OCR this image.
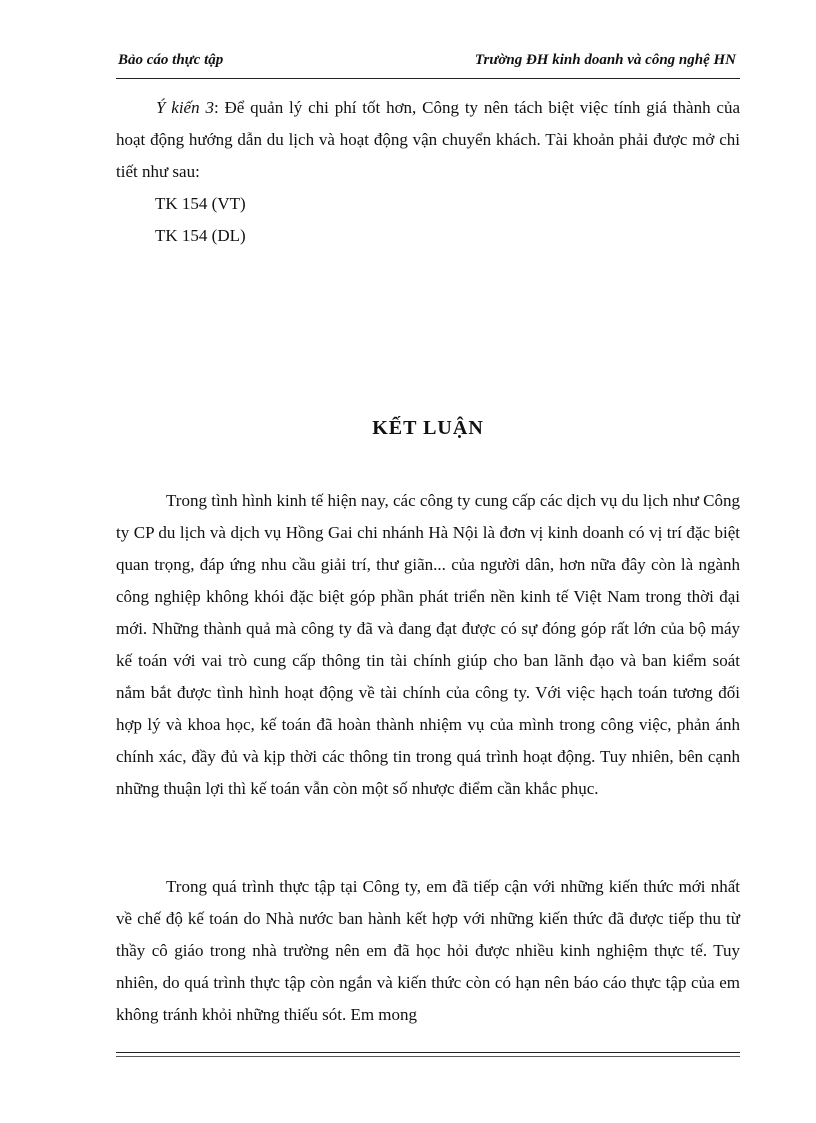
Bảo cáo thực tập	Trường ĐH kinh doanh và công nghệ HN

Ý kiến 3: Để quản lý chi phí tốt hơn, Công ty nên tách biệt việc tính giá thành của hoạt động hướng dẫn du lịch và hoạt động vận chuyển khách. Tài khoản phải được mở chi tiết như sau:

TK 154 (VT)
TK 154 (DL)
KẾT LUẬN

Trong tình hình kinh tế hiện nay, các công ty cung cấp các dịch vụ du lịch như Công ty CP du lịch và dịch vụ Hồng Gai chi nhánh Hà Nội là đơn vị kinh doanh có vị trí đặc biệt quan trọng, đáp ứng nhu cầu giải trí, thư giãn... của người dân, hơn nữa đây còn là ngành công nghiệp không khói đặc biệt góp phần phát triển nền kinh tế Việt Nam trong thời đại mới. Những thành quả mà công ty đã và đang đạt được có sự đóng góp rất lớn của bộ máy kế toán với vai trò cung cấp thông tin tài chính giúp cho ban lãnh đạo và ban kiểm soát nắm bắt được tình hình hoạt động về tài chính của công ty. Với việc hạch toán tương đối hợp lý và khoa học, kế toán đã hoàn thành nhiệm vụ của mình trong công việc, phản ánh chính xác, đầy đủ và kịp thời các thông tin trong quá trình hoạt động. Tuy nhiên, bên cạnh những thuận lợi thì kế toán vẫn còn một số nhược điểm cần khắc phục.

Trong quá trình thực tập tại Công ty, em đã tiếp cận với những kiến thức mới nhất về chế độ kế toán do Nhà nước ban hành kết hợp với những kiến thức đã được tiếp thu từ thầy cô giáo trong nhà trường nên em đã học hỏi được nhiều kinh nghiệm thực tế. Tuy nhiên, do quá trình thực tập còn ngắn và kiến thức còn có hạn nên báo cáo thực tập của em không tránh khỏi những thiếu sót. Em mong
